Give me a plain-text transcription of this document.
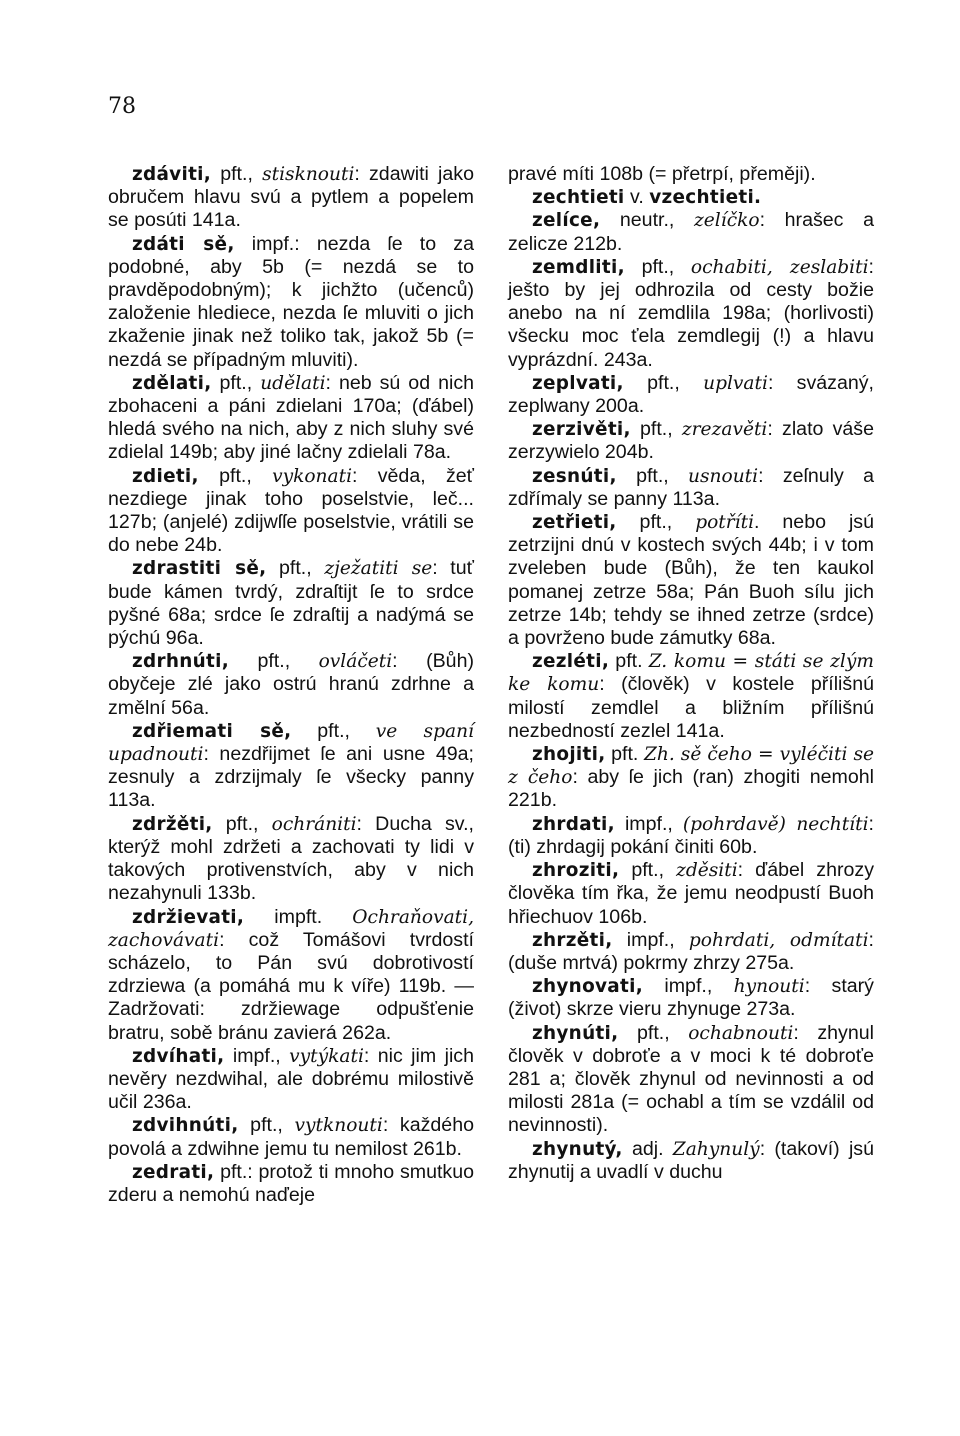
78

zdáviti, pft., stisknouti: zdawiti jako obručem hlavu svú a pytlem a popelem se posúti 141a.

zdáti sě, impf.: nezda ſe to za podobné, aby 5b (= nezdá se to pravděpodobným); k jichžto (učenců) založenie hlediece, nezda ſe mluviti o jich zkaženie jinak než toliko tak, jakož 5b (= nezdá se případným mluviti).

zdělati, pft., udělati: neb sú od nich zbohaceni a páni zdielani 170a; (ďábel) hledá svého na nich, aby z nich sluhy své zdielal 149b; aby jiné lačny zdielali 78a.

zdieti, pft., vykonati: věda, žeť nezdiege jinak toho poselstvie, leč... 127b; (anjelé) zdijwſſe poselstvie, vrátili se do nebe 24b.

zdrastiti sě, pft., zježatiti se: tuť bude kámen tvrdý, zdraſtijt ſe to srdce pyšné 68a; srdce ſe zdraſtij a nadýmá se pýchú 96a.

zdrhnúti, pft., ovláčeti: (Bůh) obyčeje zlé jako ostrú hranú zdrhne a změlní 56a.

zdřiemati sě, pft., ve spaní upadnouti: nezdřijmet ſe ani usne 49a; zesnuly a zdrzijmaly ſe všecky panny 113a.

zdržěti, pft., ochrániti: Ducha sv., kterýž mohl zdržeti a zachovati ty lidi v takových protivenstvích, aby v nich nezahynuli 133b.

zdržievati, impft. Ochraňovati, zachovávati: což Tomášovi tvrdostí scházelo, to Pán svú dobrotivostí zdrziewa (a pomáhá mu k víře) 119b. — Zadržovati: zdržiewage odpušťenie bratru, sobě bránu zavierá 262a.

zdvíhati, impf., vytýkati: nic jim jich nevěry nezdwihal, ale dobrému milostivě učil 236a.

zdvihnúti, pft., vytknouti: každého povolá a zdwihne jemu tu nemilost 261b.

zedrati, pft.: protož ti mnoho smutkuo zderu a nemohú naďeje

pravé míti 108b (= přetrpí, přeměji).

zechtieti v. vzechtieti.

zelíce, neutr., zelíčko: hrašec a zelicze 212b.

zemdliti, pft., ochabiti, zeslabiti: ješto by jej odhrozila od cesty božie anebo na ní zemdlila 198a; (horlivosti) všecku moc ťela zemdlegij (!) a hlavu vyprázdní. 243a.

zeplvati, pft., uplvati: svázaný, zeplwany 200a.

zerzivěti, pft., zrezavěti: zlato váše zerzywielo 204b.

zesnúti, pft., usnouti: zeſnuly a zdřímaly se panny 113a.

zetřieti, pft., potříti. nebo jsú zetrzijni dnú v kostech svých 44b; i v tom zveleben bude (Bůh), že ten kaukol pomanej zetrze 58a; Pán Buoh sílu jich zetrze 14b; tehdy se ihned zetrze (srdce) a povrženo bude zámutky 68a.

zezléti, pft. Z. komu = státi se zlým ke komu: (člověk) v kostele přílišnú milostí zemdlel a bližním přílišnú nezbedností zezlel 141a.

zhojiti, pft. Zh. sě čeho = vyléčiti se z čeho: aby ſe jich (ran) zhogiti nemohl 221b.

zhrdati, impf., (pohrdavě) nechtíti: (ti) zhrdagij pokání činiti 60b.

zhroziti, pft., zděsiti: ďábel zhrozy člověka tím řka, že jemu neodpustí Buoh hřiechuov 106b.

zhrzěti, impf., pohrdati, odmítati: (duše mrtvá) pokrmy zhrzy 275a.

zhynovati, impf., hynouti: starý (život) skrze vieru zhynuge 273a.

zhynúti, pft., ochabnouti: zhynul člověk v dobroťe a v moci k té dobroťe 281 a; člověk zhynul od nevinnosti a od milosti 281a (= ochabl a tím se vzdálil od nevinnosti).

zhynutý, adj. Zahynulý: (takoví) jsú zhynutij a uvadlí v duchu
